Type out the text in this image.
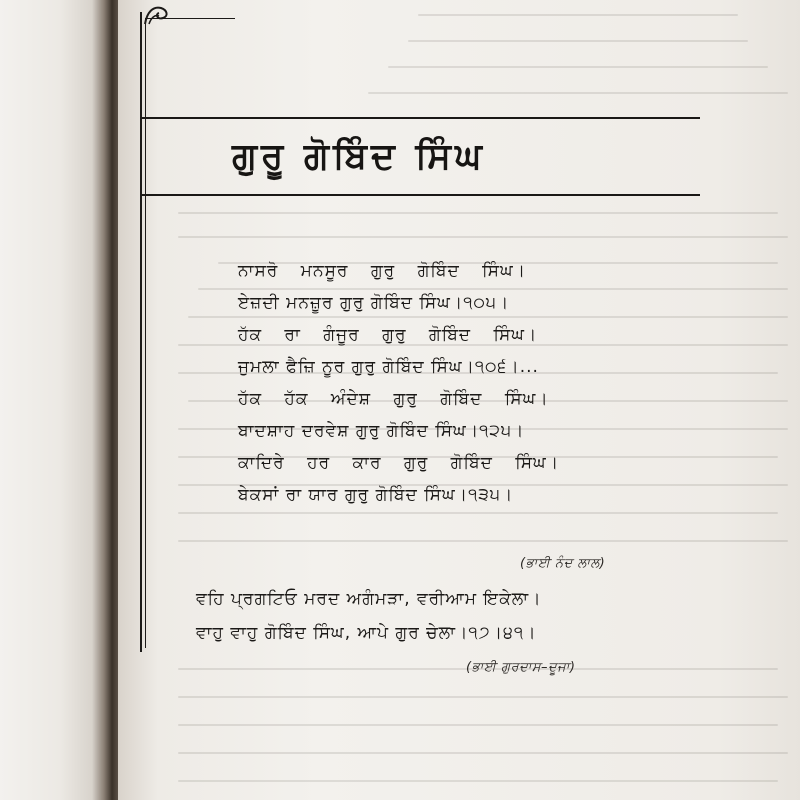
ਗੁਰੂ ਗੋਬਿੰਦ ਸਿੰਘ
ਨਾਸਰੋ ਮਨਸੂਰ ਗੁਰੁ ਗੋਬਿੰਦ ਸਿੰਘ।
ਏਜ਼ਦੀ ਮਨਜ਼ੂਰ ਗੁਰੁ ਗੋਬਿੰਦ ਸਿੰਘ।੧੦੫।
ਹੱਕ ਰਾ ਗੰਜੂਰ ਗੁਰੁ ਗੋਬਿੰਦ ਸਿੰਘ।
ਜੁਮਲਾ ਫੈਜ਼ਿ ਨੂਰ ਗੁਰੁ ਗੋਬਿੰਦ ਸਿੰਘ।੧੦੬।...
ਹੱਕ ਹੱਕ ਅੰਦੇਸ਼ ਗੁਰੁ ਗੋਬਿੰਦ ਸਿੰਘ।
ਬਾਦਸ਼ਾਹ ਦਰਵੇਸ਼ ਗੁਰੁ ਗੋਬਿੰਦ ਸਿੰਘ।੧੨੫।
ਕਾਦਿਰੇ ਹਰ ਕਾਰ ਗੁਰੁ ਗੋਬਿੰਦ ਸਿੰਘ।
ਬੇਕਸਾਂ ਰਾ ਯਾਰ ਗੁਰੁ ਗੋਬਿੰਦ ਸਿੰਘ।੧੩੫।
(ਭਾਈ ਨੰਦ ਲਾਲ)
ਵਹਿ ਪ੍ਰਗਟਿਓ ਮਰਦ ਅਗੰਮੜਾ, ਵਰੀਆਮ ਇਕੇਲਾ।
ਵਾਹੁ ਵਾਹੁ ਗੋਬਿੰਦ ਸਿੰਘ, ਆਪੇ ਗੁਰ ਚੇਲਾ।੧੭।੪੧।
(ਭਾਈ ਗੁਰਦਾਸ–ਦੂਜਾ)
